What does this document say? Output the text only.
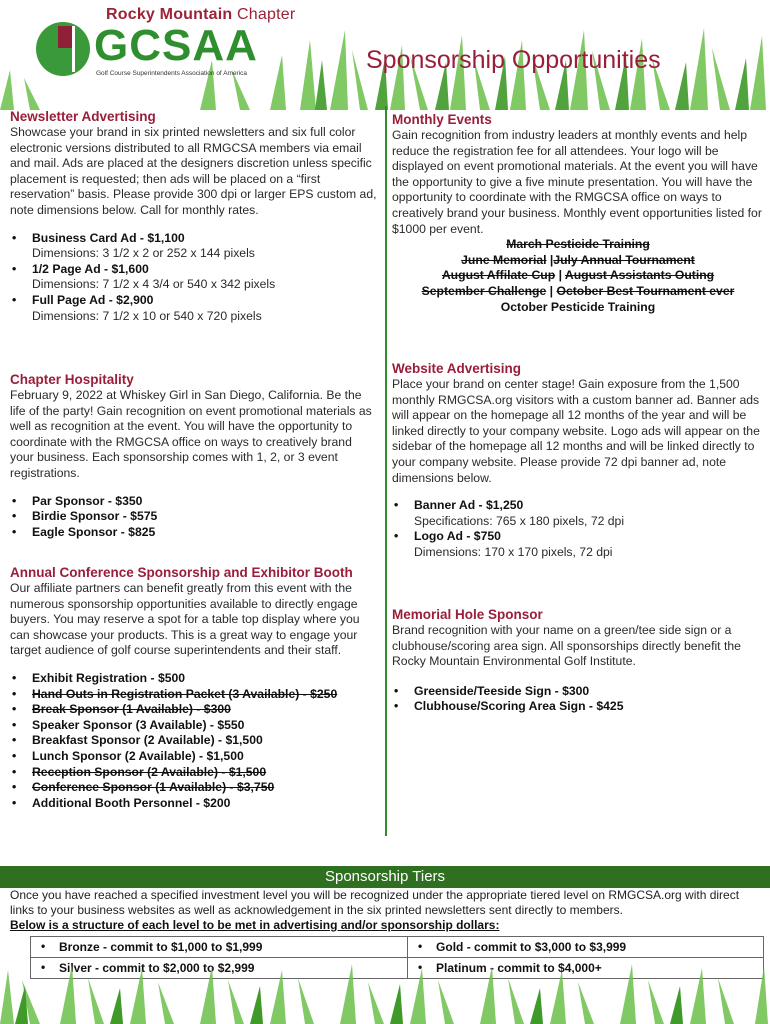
Rocky Mountain Chapter
GCSAA
Golf Course Superintendents Association of America	Sponsorship Opportunities
Newsletter Advertising

Showcase your brand in six printed newsletters and six full color electronic versions distributed to all RMGCSA members via email and mail. Ads are placed at the designers discretion unless specific placement is requested; then ads will be placed on a “first reservation” basis. Please provide 300 dpi or larger EPS custom ad, note dimensions below. Call for monthly rates.

• Business Card Ad - $1,100
Dimensions: 3 1/2 x 2 or 252 x 144 pixels
• 1/2 Page Ad - $1,600
Dimensions: 7 1/2 x 4 3/4 or 540 x 342 pixels
• Full Page Ad - $2,900
Dimensions: 7 1/2 x 10 or 540 x 720 pixels
Chapter Hospitality

February 9, 2022 at Whiskey Girl in San Diego, California. Be the life of the party! Gain recognition on event promotional materials as well as recognition at the event. You will have the opportunity to coordinate with the RMGCSA office on ways to creatively brand your business. Each sponsorship comes with 1, 2, or 3 event registrations.

• Par Sponsor - $350
• Birdie Sponsor - $575
• Eagle Sponsor - $825
Annual Conference Sponsorship and Exhibitor Booth

Our affiliate partners can benefit greatly from this event with the numerous sponsorship opportunities available to directly engage buyers. You may reserve a spot for a table top display where you can showcase your products. This is a great way to engage your target audience of golf course superintendents and their staff.

• Exhibit Registration - $500
• Hand Outs in Registration Packet (3 Available) - $250
• Break Sponsor (1 Available) - $300
• Speaker Sponsor (3 Available) - $550
• Breakfast Sponsor (2 Available) - $1,500
• Lunch Sponsor (2 Available) - $1,500
• Reception Sponsor (2 Available) - $1,500
• Conference Sponsor (1 Available) - $3,750
• Additional Booth Personnel - $200
Monthly Events

Gain recognition from industry leaders at monthly events and help reduce the registration fee for all attendees. Your logo will be displayed on event promotional materials. At the event you will have the opportunity to give a five minute presentation. You will have the opportunity to coordinate with the RMGCSA office on ways to creatively brand your business. Monthly event opportunities listed for $1000 per event.

March Pesticide Training
June Memorial |July Annual Tournament
August Affilate Cup | August Assistants Outing
September Challenge | October Best Tournament ever
October Pesticide Training
Website Advertising

Place your brand on center stage! Gain exposure from the 1,500 monthly RMGCSA.org visitors with a custom banner ad. Banner ads will appear on the homepage all 12 months of the year and will be linked directly to your company website. Logo ads will appear on the sidebar of the homepage all 12 months and will be linked directly to your company website. Please provide 72 dpi banner ad, note dimensions below.

• Banner Ad - $1,250
Specifications: 765 x 180 pixels, 72 dpi
• Logo Ad - $750
Dimensions: 170 x 170 pixels, 72 dpi
Memorial Hole Sponsor

Brand recognition with your name on a green/tee side sign or a clubhouse/scoring area sign. All sponsorships directly benefit the Rocky Mountain Environmental Golf Institute.

• Greenside/Teeside Sign - $300
• Clubhouse/Scoring Area Sign - $425
Sponsorship Tiers
Once you have reached a specified investment level you will be recognized under the appropriate tiered level on RMGCSA.org with direct links to your business websites as well as acknowledgement in the six printed newsletters sent directly to members.
Below is a structure of each level to be met in advertising and/or sponsorship dollars:
• Bronze - commit to $1,000 to $1,999	• Gold - commit to $3,000 to $3,999
• Silver - commit to $2,000 to $2,999	• Platinum - commit to $4,000+
